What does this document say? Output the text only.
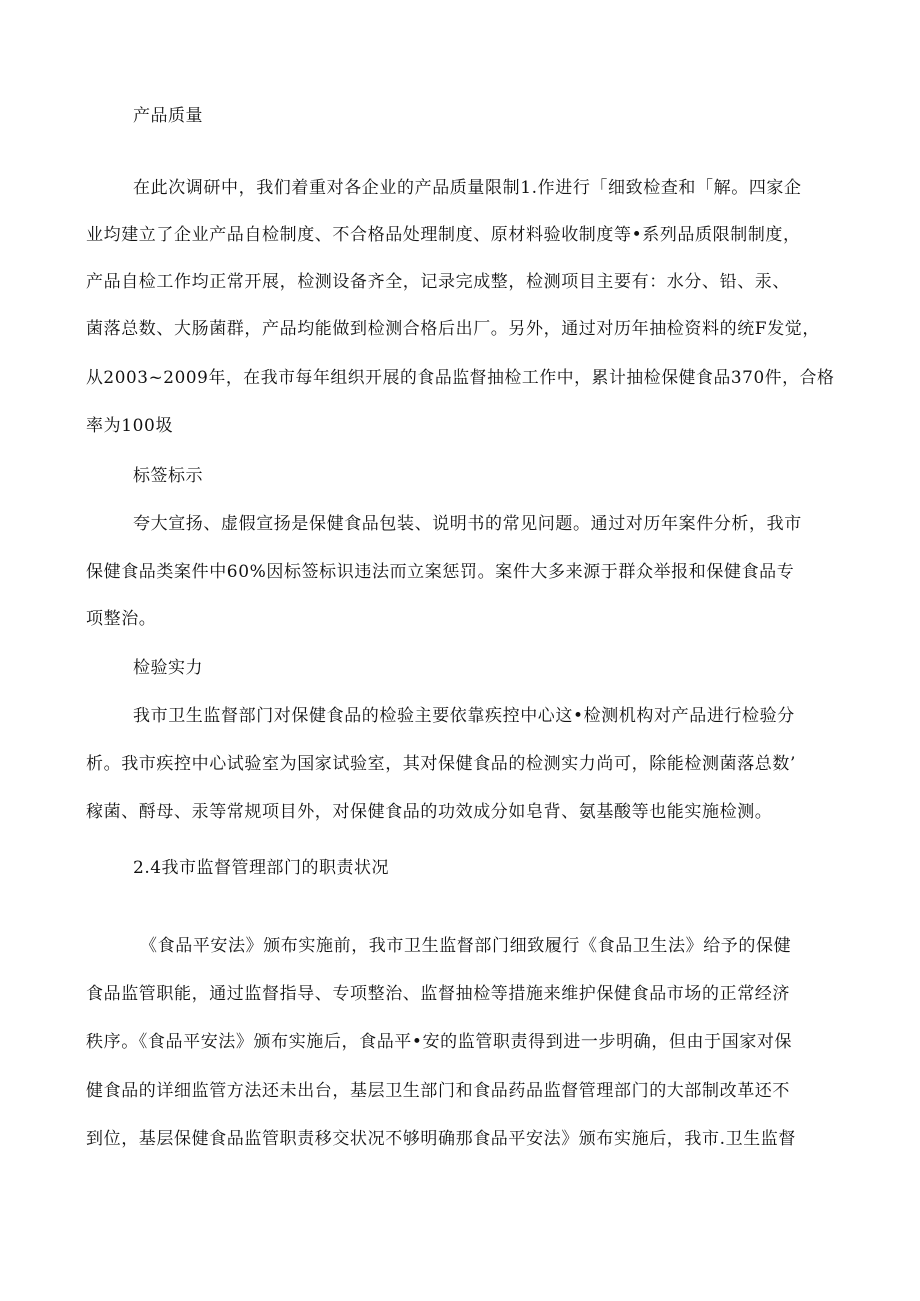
产品质量
在此次调研中，我们着重对各企业的产品质量限制1.作进行「细致检查和「解。四家企
业均建立了企业产品自检制度、不合格品处理制度、原材料验收制度等•系列品质限制制度，
产品自检工作均正常开展，检测设备齐全，记录完成整，检测项目主要有：水分、铅、汞、
菌落总数、大肠菌群，产品均能做到检测合格后出厂。另外，通过对历年抽检资料的统F发觉，
从2003~2009年，在我市每年组织开展的食品监督抽检工作中，累计抽检保健食品370件，合格
率为100圾
标签标示
夸大宣扬、虚假宣扬是保健食品包装、说明书的常见问题。通过对历年案件分析，我市
保健食品类案件中60%因标签标识违法而立案惩罚。案件大多来源于群众举报和保健食品专
项整治。
检验实力
我市卫生监督部门对保健食品的检验主要依靠疾控中心这•检测机构对产品进行检验分
析。我市疾控中心试验室为国家试验室，其对保健食品的检测实力尚可，除能检测菌落总数’
稼菌、酹母、汞等常规项目外，对保健食品的功效成分如皂背、氨基酸等也能实施检测。
2.4我市监督管理部门的职责状况
《食品平安法》颁布实施前，我市卫生监督部门细致履行《食品卫生法》给予的保健
食品监管职能，通过监督指导、专项整治、监督抽检等措施来维护保健食品市场的正常经济
秩序。《食品平安法》颁布实施后，食品平•安的监管职责得到进一步明确，但由于国家对保
健食品的详细监管方法还未出台，基层卫生部门和食品药品监督管理部门的大部制改革还不
到位，基层保健食品监管职责移交状况不够明确那食品平安法》颁布实施后，我市.卫生监督
